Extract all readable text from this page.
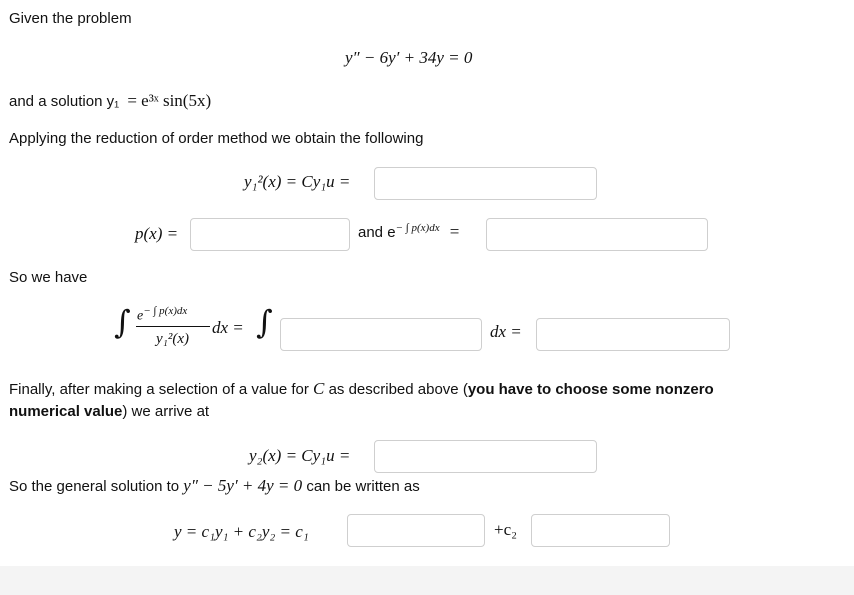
Given the problem
y″ − 6y′ + 34y = 0
and a solution y₁ = e³ˣ sin(5x)
Applying the reduction of order method we obtain the following
y₁²(x) = Cy₁u =
p(x) =	and $e^{- \int p(x)dx}$ =
So we have
∫ $e^{- \int p(x)dx}$
y₁²(x)
dx = ∫	dx =
Finally, after making a selection of a value for C as described above (you have to choose some nonzero
numerical value) we arrive at
y₂(x) = Cy₁u =
So the general solution to y″ − 5y′ + 4y = 0 can be written as
y = c₁y₁ + c₂y₂ = c₁	+c₂
